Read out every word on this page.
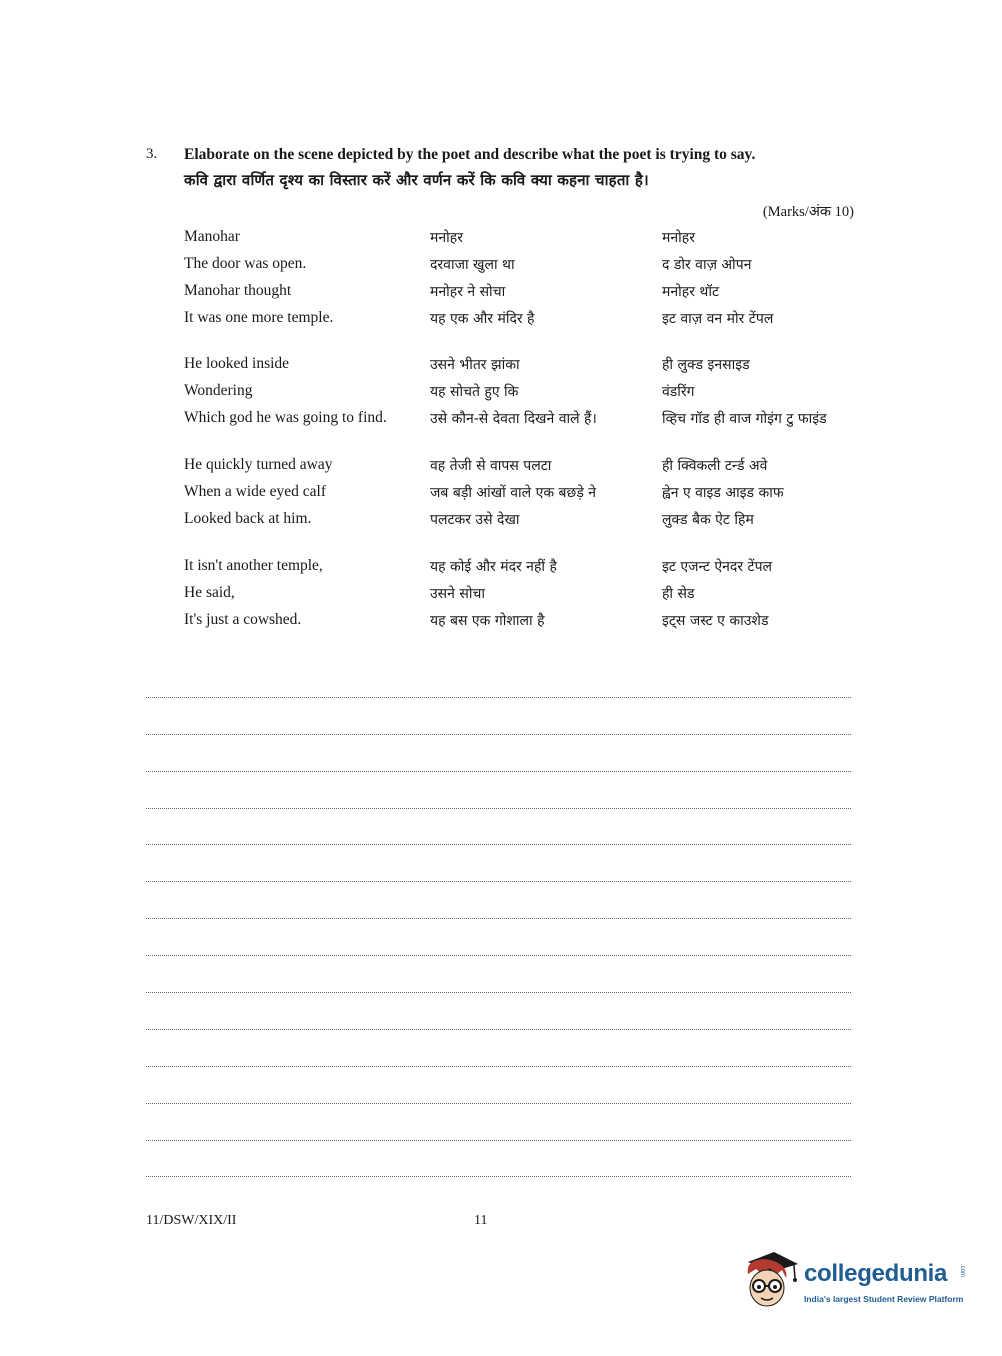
3. Elaborate on the scene depicted by the poet and describe what the poet is trying to say.
कवि द्वारा वर्णित दृश्य का विस्तार करें और वर्णन करें कि कवि क्या कहना चाहता है।
(Marks/अंक 10)
Manohar	मनोहर	मनोहर
The door was open.	दरवाजा खुला था	द डोर वाज़ ओपन
Manohar thought	मनोहर ने सोचा	मनोहर थॉट
It was one more temple.	यह एक और मंदिर है	इट वाज़ वन मोर टेंपल
He looked inside	उसने भीतर झांका	ही लुक्ड इनसाइड
Wondering	यह सोचते हुए कि	वंडरिंग
Which god he was going to find.	उसे कौन-से देवता दिखने वाले हैं।	व्हिच गॉड ही वाज गोइंग टु फाइंड
He quickly turned away	वह तेजी से वापस पलटा	ही क्विकली टर्न्ड अवे
When a wide eyed calf	जब बड़ी आंखों वाले एक बछड़े ने	ह्वेन ए वाइड आइड काफ
Looked back at him.	पलटकर उसे देखा	लुक्ड बैक ऐट हिम
It isn't another temple,	यह कोई और मंदर नहीं है	इट एजन्ट ऐनदर टेंपल
He said,	उसने सोचा	ही सेड
It's just a cowshed.	यह बस एक गोशाला है	इट्स जस्ट ए काउशेड
11/DSW/XIX/II	11
collegedunia .com
India's largest Student Review Platform
